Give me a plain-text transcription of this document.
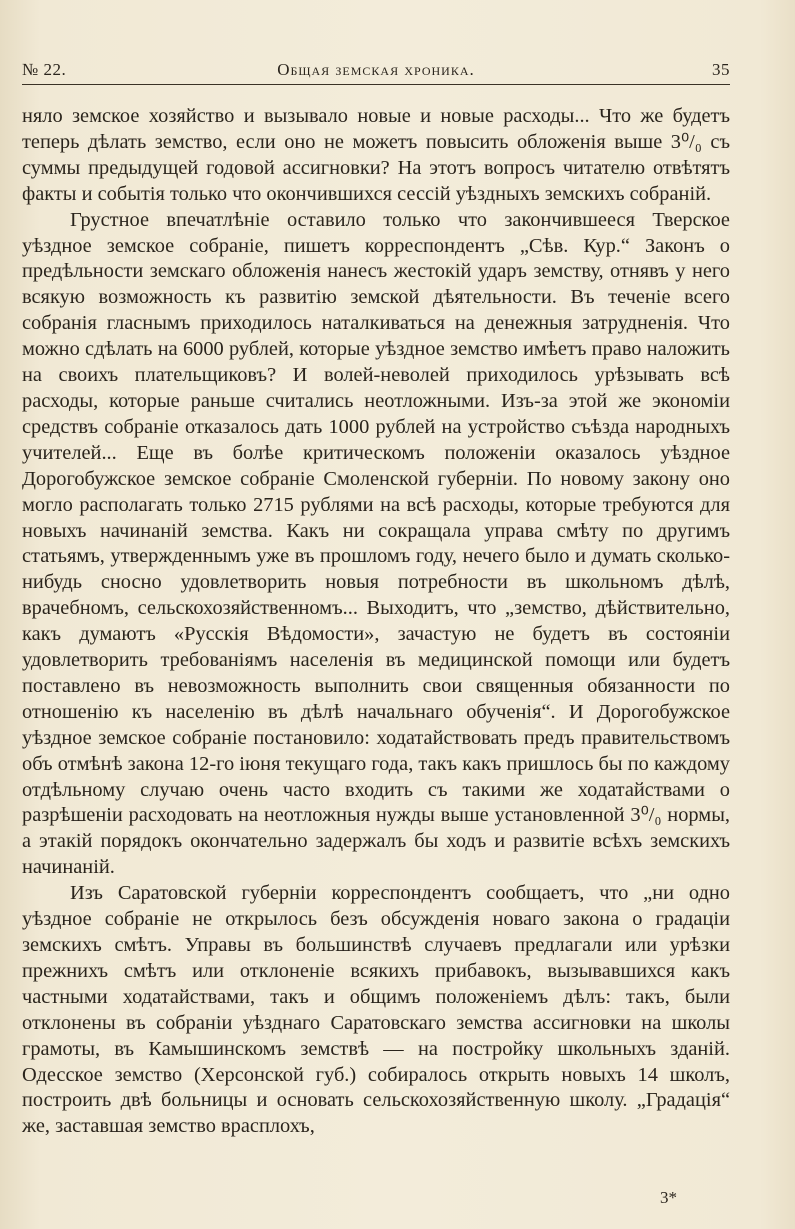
№ 22.	Общая земская хроника.	35

няло земское хозяйство и вызывало новые и новые расходы... Что же будетъ теперь дѣлать земство, если оно не можетъ повысить обложенія выше 3⁰/₀ съ суммы предыдущей годовой ассигновки? На этотъ вопросъ читателю отвѣтятъ факты и событія только что окончившихся сессій уѣздныхъ земскихъ собраній.

Грустное впечатлѣніе оставило только что закончившееся Тверское уѣздное земское собраніе, пишетъ корреспондентъ „Сѣв. Кур.“ Законъ о предѣльности земскаго обложенія нанесъ жестокій ударъ земству, отнявъ у него всякую возможность къ развитію земской дѣятельности. Въ теченіе всего собранія гласнымъ приходилось наталкиваться на денежныя затрудненія. Что можно сдѣлать на 6000 рублей, которые уѣздное земство имѣетъ право наложить на своихъ плательщиковъ? И волей-неволей приходилось урѣзывать всѣ расходы, которые раньше считались неотложными. Изъ-за этой же экономіи средствъ собраніе отказалось дать 1000 рублей на устройство съѣзда народныхъ учителей... Еще въ болѣе критическомъ положеніи оказалось уѣздное Дорогобужское земское собраніе Смоленской губерніи. По новому закону оно могло располагать только 2715 рублями на всѣ расходы, которые требуются для новыхъ начинаній земства. Какъ ни сокращала управа смѣту по другимъ статьямъ, утвержденнымъ уже въ прошломъ году, нечего было и думать сколько-нибудь сносно удовлетворить новыя потребности въ школьномъ дѣлѣ, врачебномъ, сельскохозяйственномъ... Выходитъ, что „земство, дѣйствительно, какъ думаютъ «Русскія Вѣдомости», зачастую не будетъ въ состояніи удовлетворить требованіямъ населенія въ медицинской помощи или будетъ поставлено въ невозможность выполнить свои священныя обязанности по отношенію къ населенію въ дѣлѣ начальнаго обученія“. И Дорогобужское уѣздное земское собраніе постановило: ходатайствовать предъ правительствомъ объ отмѣнѣ закона 12-го іюня текущаго года, такъ какъ пришлось бы по каждому отдѣльному случаю очень часто входить съ такими же ходатайствами о разрѣшеніи расходовать на неотложныя нужды выше установленной 3⁰/₀ нормы, а этакій порядокъ окончательно задержалъ бы ходъ и развитіе всѣхъ земскихъ начинаній.

Изъ Саратовской губерніи корреспондентъ сообщаетъ, что „ни одно уѣздное собраніе не открылось безъ обсужденія новаго закона о градаціи земскихъ смѣтъ. Управы въ большинствѣ случаевъ предлагали или урѣзки прежнихъ смѣтъ или отклоненіе всякихъ прибавокъ, вызывавшихся какъ частными ходатайствами, такъ и общимъ положеніемъ дѣлъ: такъ, были отклонены въ собраніи уѣзднаго Саратовскаго земства ассигновки на школы грамоты, въ Камышинскомъ земствѣ — на постройку школьныхъ зданій. Одесское земство (Херсонской губ.) собиралось открыть новыхъ 14 школъ, построить двѣ больницы и основать сельскохозяйственную школу. „Градація“ же, заставшая земство врасплохъ,

3*
